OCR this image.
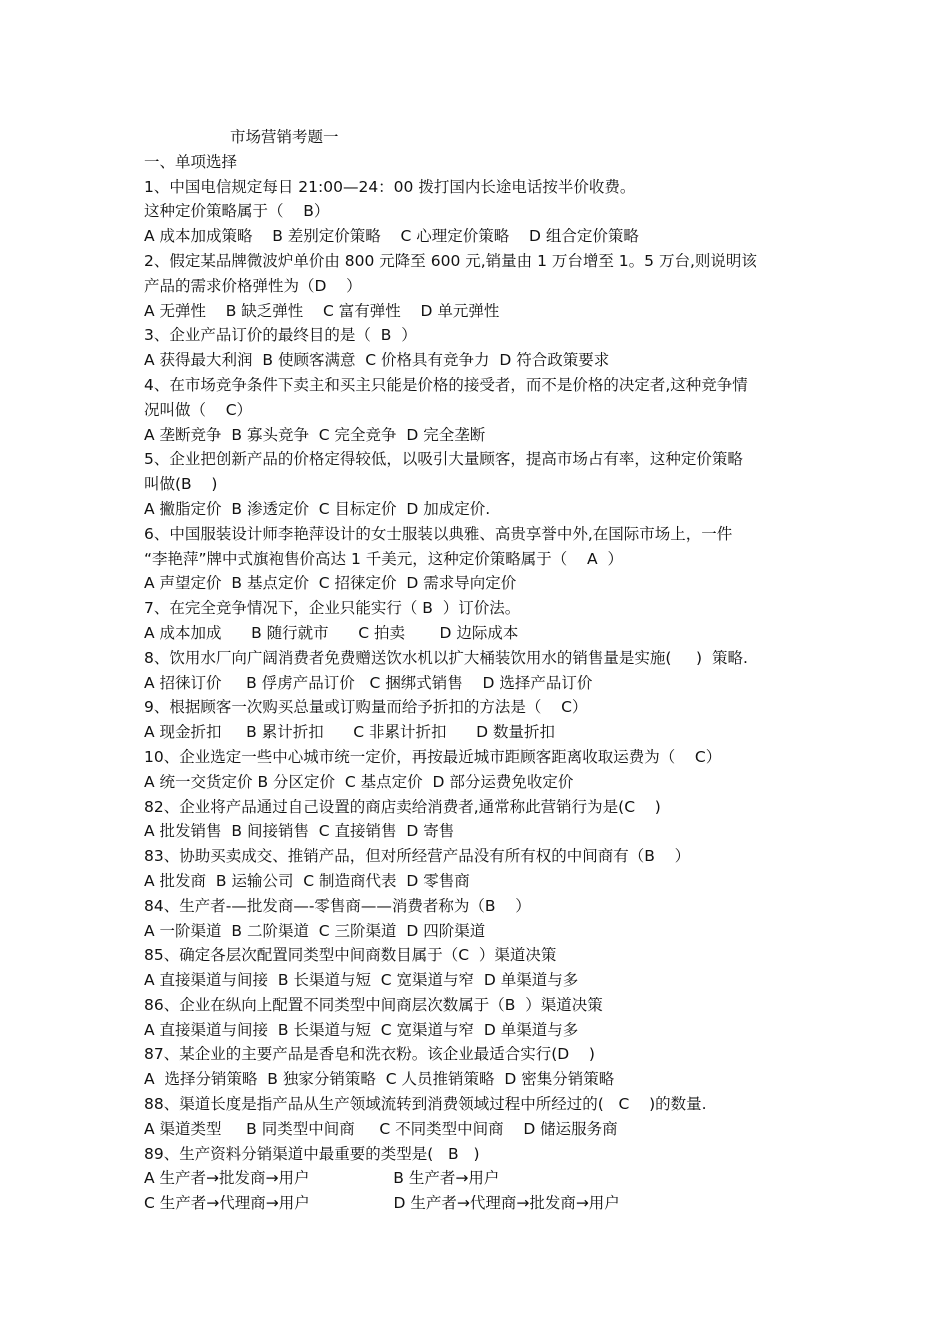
市场营销考题一
一、单项选择
1、中国电信规定每日 21:00—24：00 拨打国内长途电话按半价收费。
这种定价策略属于（    B）
A 成本加成策略    B 差别定价策略    C 心理定价策略    D 组合定价策略
2、假定某品牌微波炉单价由 800 元降至 600 元,销量由 1 万台增至 1。5 万台,则说明该
产品的需求价格弹性为（D    ）
A 无弹性    B 缺乏弹性    C 富有弹性    D 单元弹性
3、企业产品订价的最终目的是（  B  ）
A 获得最大利润  B 使顾客满意  C 价格具有竞争力  D 符合政策要求
4、在市场竞争条件下卖主和买主只能是价格的接受者，而不是价格的决定者,这种竞争情
况叫做（    C）
A 垄断竞争  B 寡头竞争  C 完全竞争  D 完全垄断
5、企业把创新产品的价格定得较低，以吸引大量顾客，提高市场占有率，这种定价策略
叫做(B    )
A 撇脂定价  B 渗透定价  C 目标定价  D 加成定价.
6、中国服装设计师李艳萍设计的女士服装以典雅、高贵享誉中外,在国际市场上，一件
“李艳萍”牌中式旗袍售价高达 1 千美元，这种定价策略属于（    A  ）
A 声望定价  B 基点定价  C 招徕定价  D 需求导向定价
7、在完全竞争情况下，企业只能实行（ B  ）订价法。
A 成本加成      B 随行就市      C 拍卖       D 边际成本
8、饮用水厂向广阔消费者免费赠送饮水机以扩大桶装饮用水的销售量是实施(     )  策略.
A 招徕订价     B 俘虏产品订价   C 捆绑式销售    D 选择产品订价
9、根据顾客一次购买总量或订购量而给予折扣的方法是（    C）
A 现金折扣     B 累计折扣      C 非累计折扣      D 数量折扣
10、企业选定一些中心城市统一定价，再按最近城市距顾客距离收取运费为（    C）
A 统一交货定价 B 分区定价  C 基点定价  D 部分运费免收定价
82、企业将产品通过自己设置的商店卖给消费者,通常称此营销行为是(C    )
A 批发销售  B 间接销售  C 直接销售  D 寄售
83、协助买卖成交、推销产品，但对所经营产品没有所有权的中间商有（B    ）
A 批发商  B 运输公司  C 制造商代表  D 零售商
84、生产者-—批发商—-零售商——消费者称为（B    ）
A 一阶渠道  B 二阶渠道  C 三阶渠道  D 四阶渠道
85、确定各层次配置同类型中间商数目属于（C  ）渠道决策
A 直接渠道与间接  B 长渠道与短  C 宽渠道与窄  D 单渠道与多
86、企业在纵向上配置不同类型中间商层次数属于（B  ）渠道决策
A 直接渠道与间接  B 长渠道与短  C 宽渠道与窄  D 单渠道与多
87、某企业的主要产品是香皂和洗衣粉。该企业最适合实行(D    )
A  选择分销策略  B 独家分销策略  C 人员推销策略  D 密集分销策略
88、渠道长度是指产品从生产领域流转到消费领域过程中所经过的(   C    )的数量.
A 渠道类型     B 同类型中间商     C 不同类型中间商    D 储运服务商
89、生产资料分销渠道中最重要的类型是(   B   )
A 生产者→批发商→用户                 B 生产者→用户
C 生产者→代理商→用户                 D 生产者→代理商→批发商→用户
